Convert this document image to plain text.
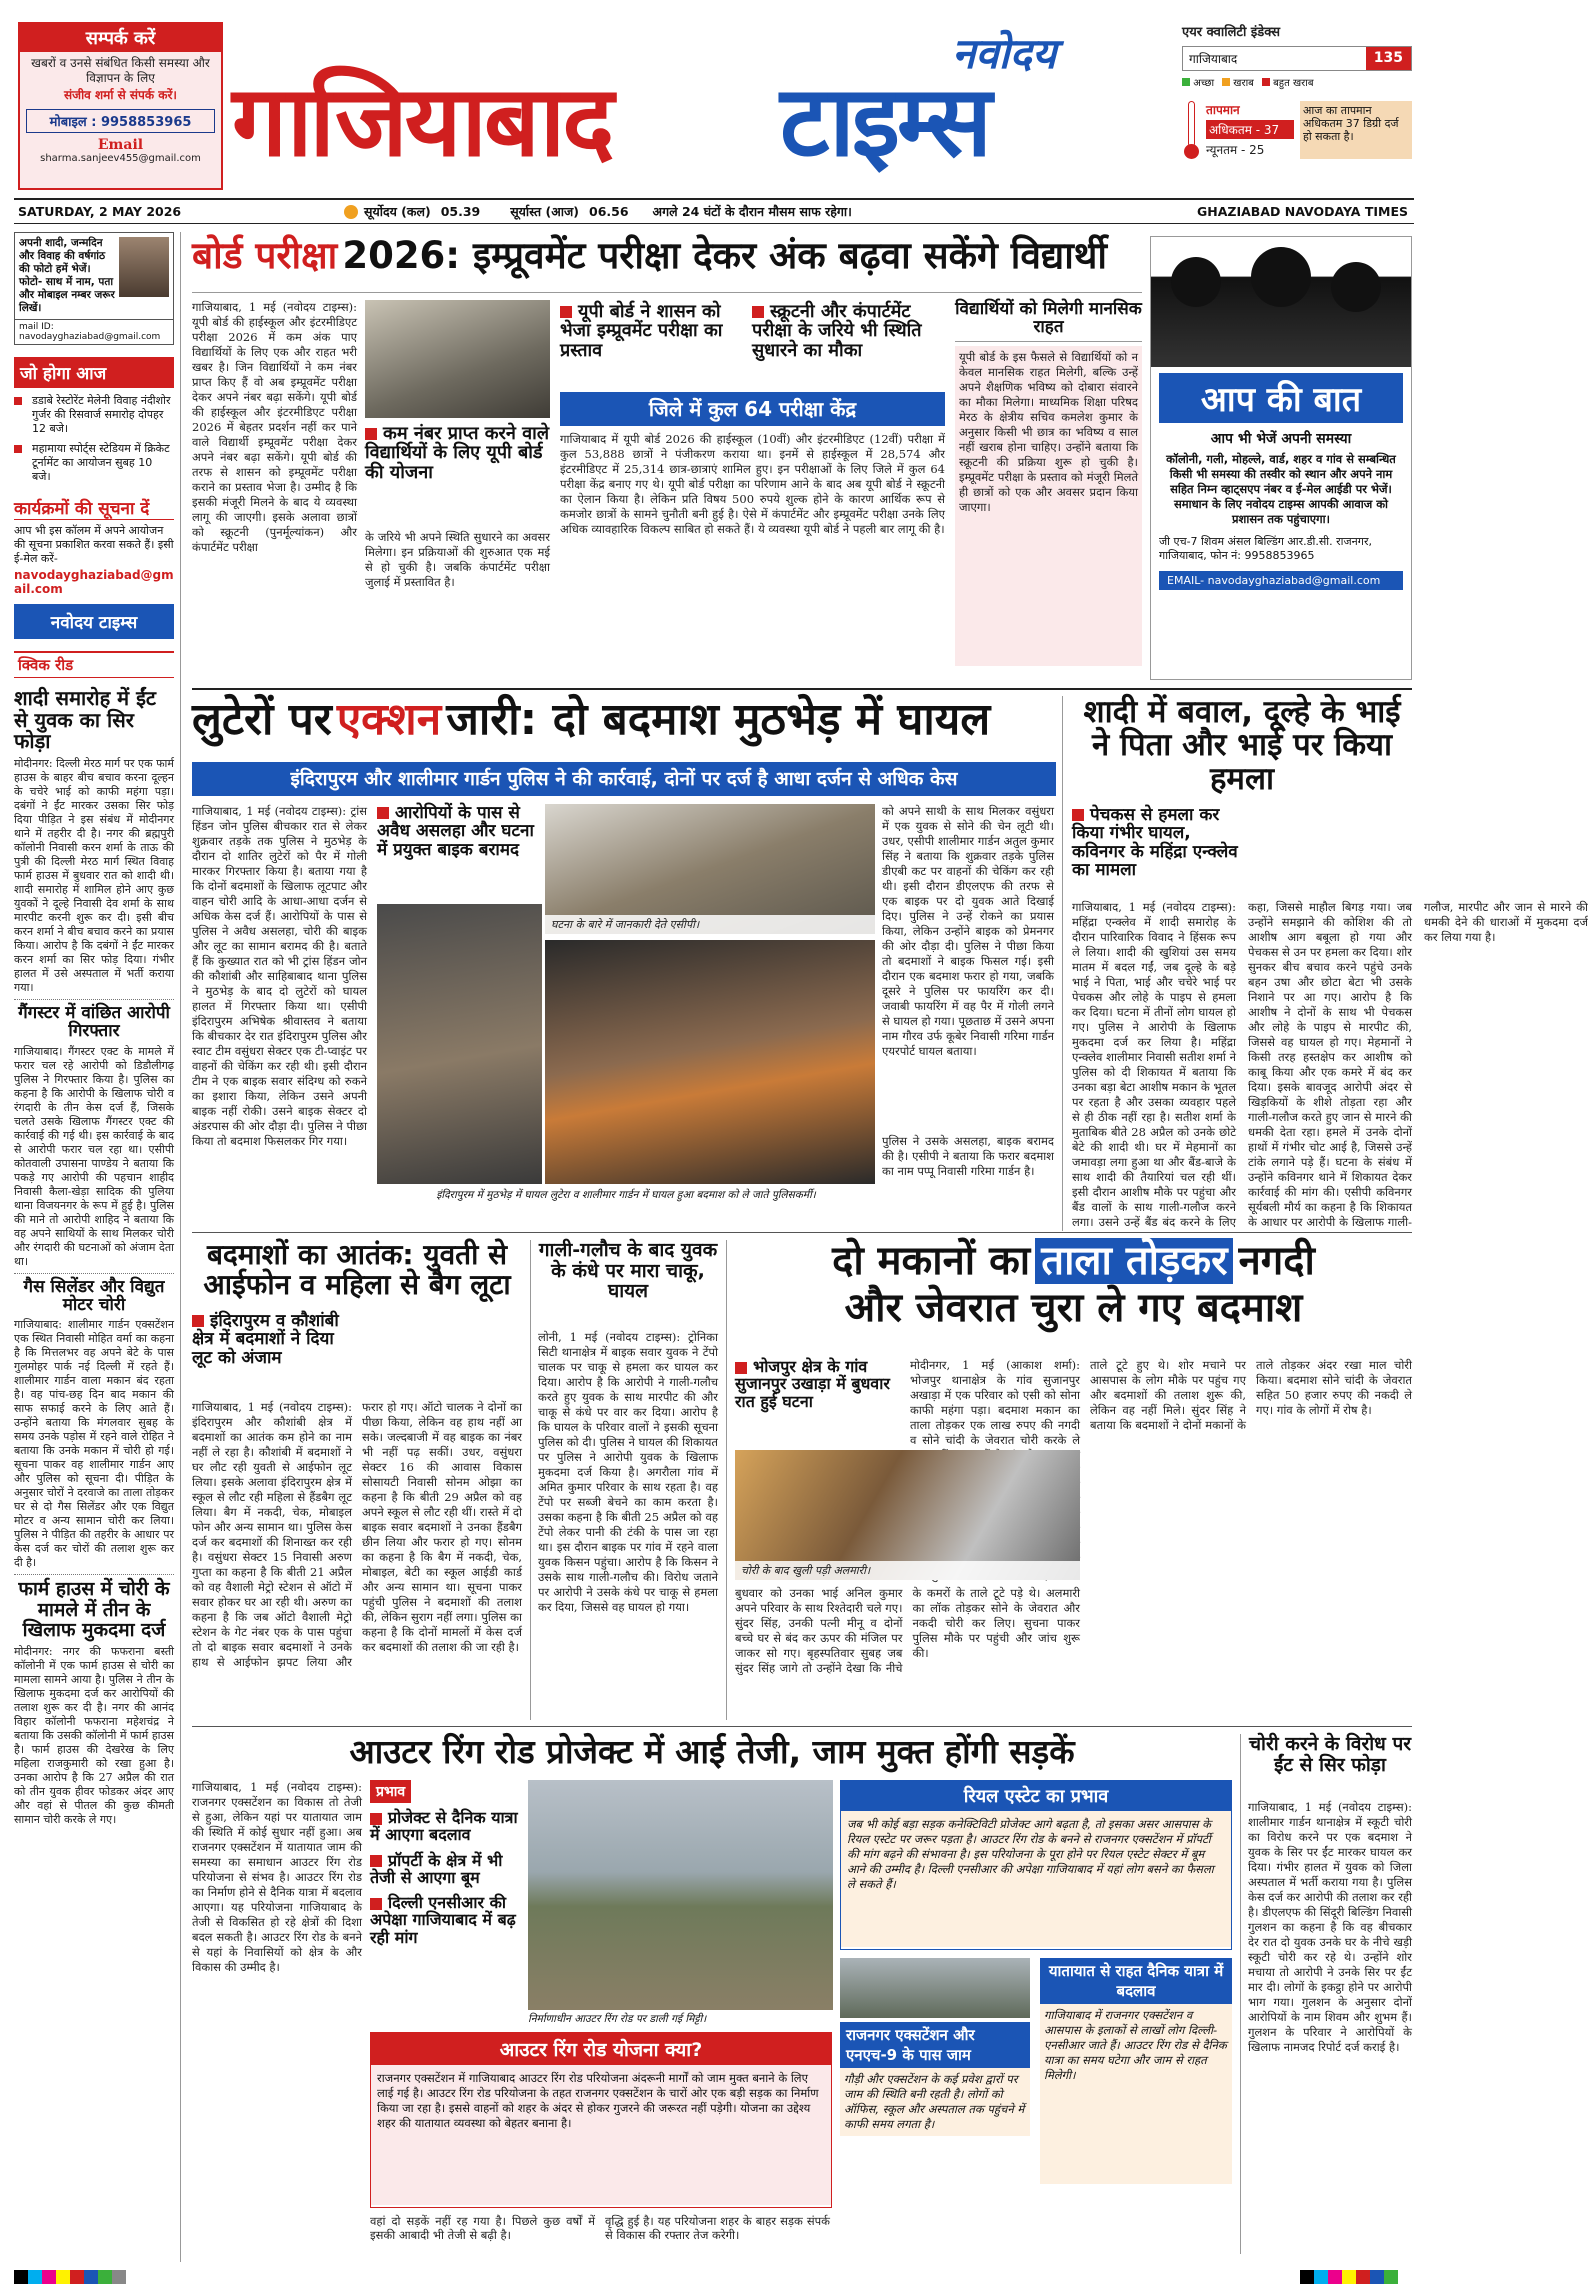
सम्पर्क करें
खबरों व उनसे संबंधित किसी समस्या और विज्ञापन के लिए
संजीव शर्मा से संपर्क करें।
मोबाइल : 9958853965
Email
sharma.sanjeev455@gmail.com
नवोदय
गाजियाबाद टाइम्स
एयर क्वालिटी इंडेक्स
गाजियाबाद	135
अच्छा	खराब	बहुत खराब
तापमान
अधिकतम - 37
न्यूनतम - 25
आज का तापमान अधिकतम 37 डिग्री दर्ज हो सकता है।
SATURDAY, 2 MAY 2026	सूर्योदय (कल) 05.39 सूर्यास्त (आज) 06.56 अगले 24 घंटों के दौरान मौसम साफ रहेगा।	GHAZIABAD NAVODAYA TIMES
अपनी शादी, जन्मदिन और विवाह की वर्षगांठ की फोटो हमें भेजें। फोटो- साथ में नाम, पता और मोबाइल नम्बर जरूर लिखें।
mail ID: navodayghaziabad@gmail.com
जो होगा आज
डडाबे रेस्टोरेंट मेलेनी विवाह नंदीशोर गुर्जर की रिसवार्ज समारोह दोपहर 12 बजे।
महामाया स्पोर्ट्स स्टेडियम में क्रिकेट टूर्नामेंट का आयोजन सुबह 10 बजे।
कार्यक्रमों की सूचना दें
आप भी इस कॉलम में अपने आयोजन की सूचना प्रकाशित करवा सकते हैं। इसी ई-मेल करें-
navodayghaziabad@gmail.com
नवोदय टाइम्स
क्विक रीड
शादी समारोह में ईंट से युवक का सिर फोड़ा
मोदीनगर: दिल्ली मेरठ मार्ग पर एक फार्म हाउस के बाहर बीच बचाव करना दूल्हन के चचेरे भाई को काफी महंगा पड़ा। दबंगों ने ईंट मारकर उसका सिर फोड़ दिया पीड़ित ने इस संबंध में मोदीनगर थाने में तहरीर दी है। नगर की ब्रह्मपुरी कॉलोनी निवासी करन शर्मा के ताऊ की पुत्री की दिल्ली मेरठ मार्ग स्थित विवाह फार्म हाउस में बुधवार रात को शादी थी। शादी समारोह में शामिल होने आए कुछ युवकों ने दूल्हे निवासी देव शर्मा के साथ मारपीट करनी शुरू कर दी। इसी बीच करन शर्मा ने बीच बचाव करने का प्रयास किया। आरोप है कि दबंगों ने ईंट मारकर करन शर्मा का सिर फोड़ दिया। गंभीर हालत में उसे अस्पताल में भर्ती कराया गया।
गैंगस्टर में वांछित आरोपी गिरफ्तार
गाजियाबाद। गैंगस्टर एक्ट के मामले में फरार चल रहे आरोपी को डिडौलीगढ़ पुलिस ने गिरफ्तार किया है। पुलिस का कहना है कि आरोपी के खिलाफ चोरी व रंगदारी के तीन केस दर्ज हैं, जिसके चलते उसके खिलाफ गैंगस्टर एक्ट की कार्रवाई की गई थी। इस कार्रवाई के बाद से आरोपी फरार चल रहा था। एसीपी कोतवाली उपासना पाण्डेय ने बताया कि पकड़े गए आरोपी की पहचान शाहीद निवासी कैला-खेड़ा सादिक की पुलिया थाना विजयनगर के रूप में हुई है। पुलिस की माने तो आरोपी शाहिद ने बताया कि वह अपने साथियों के साथ मिलकर चोरी और रंगदारी की घटनाओं को अंजाम देता था।
गैस सिलेंडर और विद्युत मोटर चोरी
गाजियाबाद: शालीमार गार्डन एक्सटेंशन एक स्थित निवासी मोहित वर्मा का कहना है कि मित्तलभर वह अपने बेटे के पास गुलमोहर पार्क नई दिल्ली में रहते हैं। शालीमार गार्डन वाला मकान बंद रहता है। वह पांच-छह दिन बाद मकान की साफ सफाई करने के लिए आते हैं। उन्होंने बताया कि मंगलवार सुबह के समय उनके पड़ोस में रहने वाले रोहित ने बताया कि उनके मकान में चोरी हो गई। सूचना पाकर वह शालीमार गार्डन आए और पुलिस को सूचना दी। पीड़ित के अनुसार चोरों ने दरवाजे का ताला तोड़कर घर से दो गैस सिलेंडर और एक विद्युत मोटर व अन्य सामान चोरी कर लिया। पुलिस ने पीड़ित की तहरीर के आधार पर केस दर्ज कर चोरों की तलाश शुरू कर दी है।
फार्म हाउस में चोरी के मामले में तीन के खिलाफ मुकदमा दर्ज
मोदीनगर: नगर की फफराना बस्ती कॉलोनी में एक फार्म हाउस से चोरी का मामला सामने आया है। पुलिस ने तीन के खिलाफ मुकदमा दर्ज कर आरोपियों की तलाश शुरू कर दी है। नगर की आनंद विहार कॉलोनी फफराना महेशचंद्र ने बताया कि उसकी कॉलोनी में फार्म हाउस है। फार्म हाउस की देखरेख के लिए महिला राजकुमारी को रखा हुआ है। उनका आरोप है कि 27 अप्रैल की रात को तीन युवक हीवर फोडकर अंदर आए और वहां से पीतल की कुछ कीमती सामान चोरी करके ले गए।
बोर्ड परीक्षा 2026: इम्प्रूवमेंट परीक्षा देकर अंक बढ़वा सकेंगे विद्यार्थी
गाजियाबाद, 1 मई (नवोदय टाइम्स): यूपी बोर्ड की हाईस्कूल और इंटरमीडिएट परीक्षा 2026 में कम अंक पाए विद्यार्थियों के लिए एक और राहत भरी खबर है। जिन विद्यार्थियों ने कम नंबर प्राप्त किए हैं वो अब इम्प्रूवमेंट परीक्षा देकर अपने नंबर बढ़ा सकेंगे। यूपी बोर्ड की हाईस्कूल और इंटरमीडिएट परीक्षा 2026 में बेहतर प्रदर्शन नहीं कर पाने वाले विद्यार्थी इम्प्रूवमेंट परीक्षा देकर अपने नंबर बढ़ा सकेंगे। यूपी बोर्ड की तरफ से शासन को इम्प्रूवमेंट परीक्षा कराने का प्रस्ताव भेजा है। उम्मीद है कि इसकी मंजूरी मिलने के बाद ये व्यवस्था लागू की जाएगी। इसके अलावा छात्रों को स्क्रूटनी (पुनर्मूल्यांकन) और कंपार्टमेंट परीक्षा
कम नंबर प्राप्त करने वाले विद्यार्थियों के लिए यूपी बोर्ड की योजना
के जरिये भी अपने स्थिति सुधारने का अवसर मिलेगा। इन प्रक्रियाओं की शुरुआत एक मई से हो चुकी है। जबकि कंपार्टमेंट परीक्षा जुलाई में प्रस्तावित है।
यूपी बोर्ड ने शासन को भेजा इम्प्रूवमेंट परीक्षा का प्रस्ताव
स्क्रूटनी और कंपार्टमेंट परीक्षा के जरिये भी स्थिति सुधारने का मौका
जिले में कुल 64 परीक्षा केंद्र
गाजियाबाद में यूपी बोर्ड 2026 की हाईस्कूल (10वीं) और इंटरमीडिएट (12वीं) परीक्षा में कुल 53,888 छात्रों ने पंजीकरण कराया था। इनमें से हाईस्कूल में 28,574 और इंटरमीडिएट में 25,314 छात्र-छात्राएं शामिल हुए। इन परीक्षाओं के लिए जिले में कुल 64 परीक्षा केंद्र बनाए गए थे। यूपी बोर्ड परीक्षा का परिणाम आने के बाद अब यूपी बोर्ड ने स्क्रूटनी का ऐलान किया है। लेकिन प्रति विषय 500 रुपये शुल्क होने के कारण आर्थिक रूप से कमजोर छात्रों के सामने चुनौती बनी हुई है। ऐसे में कंपार्टमेंट और इम्प्रूवमेंट परीक्षा उनके लिए अधिक व्यावहारिक विकल्प साबित हो सकते हैं। ये व्यवस्था यूपी बोर्ड ने पहली बार लागू की है।
विद्यार्थियों को मिलेगी मानसिक राहत
यूपी बोर्ड के इस फैसले से विद्यार्थियों को न केवल मानसिक राहत मिलेगी, बल्कि उन्हें अपने शैक्षणिक भविष्य को दोबारा संवारने का मौका मिलेगा। माध्यमिक शिक्षा परिषद मेरठ के क्षेत्रीय सचिव कमलेश कुमार के अनुसार किसी भी छात्र का भविष्य व साल नहीं खराब होना चाहिए। उन्होंने बताया कि स्क्रूटनी की प्रक्रिया शुरू हो चुकी है। इम्प्रूवमेंट परीक्षा के प्रस्ताव को मंजूरी मिलते ही छात्रों को एक और अवसर प्रदान किया जाएगा।
आप की बात
आप भी भेजें अपनी समस्या
कॉलोनी, गली, मोहल्ले, वार्ड, शहर व गांव से सम्बन्धित किसी भी समस्या की तस्वीर को स्थान और अपने नाम सहित निम्न व्हाट्सएप नंबर व ई-मेल आईडी पर भेजें। समाधान के लिए नवोदय टाइम्स आपकी आवाज को प्रशासन तक पहुंचाएगा।
जी एच-7 शिवम अंसल बिल्डिंग आर.डी.सी. राजनगर, गाजियाबाद, फोन नं: 9958853965
EMAIL- navodayghaziabad@gmail.com
लुटेरों पर एक्शन जारी: दो बदमाश मुठभेड़ में घायल
इंदिरापुरम और शालीमार गार्डन पुलिस ने की कार्रवाई, दोनों पर दर्ज है आधा दर्जन से अधिक केस
गाजियाबाद, 1 मई (नवोदय टाइम्स): ट्रांस हिंडन जोन पुलिस बीचकार रात से लेकर शुक्रवार तड़के तक पुलिस ने मुठभेड़ के दौरान दो शातिर लुटेरों को पैर में गोली मारकर गिरफ्तार किया है। बताया गया है कि दोनों बदमाशों के खिलाफ लूटपाट और वाहन चोरी आदि के आधा-आधा दर्जन से अधिक केस दर्ज हैं। आरोपियों के पास से पुलिस ने अवैध असलहा, चोरी की बाइक और लूट का सामान बरामद की है। बताते हैं कि कुख्यात रात को भी ट्रांस हिंडन जोन की कौशांबी और साहिबाबाद थाना पुलिस ने मुठभेड़ के बाद दो लुटेरों को घायल हालत में गिरफ्तार किया था। एसीपी इंदिरापुरम अभिषेक श्रीवास्तव ने बताया कि बीचकार देर रात इंदिरापुरम पुलिस और स्वाट टीम वसुंधरा सेक्टर एक टी-प्वाइंट पर वाहनों की चेकिंग कर रही थी। इसी दौरान टीम ने एक बाइक सवार संदिग्ध को रुकने का इशारा किया, लेकिन उसने अपनी बाइक नहीं रोकी। उसने बाइक सेक्टर दो अंडरपास की ओर दौड़ा दी। पुलिस ने पीछा किया तो बदमाश फिसलकर गिर गया।
आरोपियों के पास से अवैध असलहा और घटना में प्रयुक्त बाइक बरामद
घटना के बारे में जानकारी देते एसीपी।
इंदिरापुरम में मुठभेड़ में घायल लुटेरा व शालीमार गार्डन में घायल हुआ बदमाश को ले जाते पुलिसकर्मी।
को अपने साथी के साथ मिलकर वसुंधरा में एक युवक से सोने की चेन लूटी थी। उधर, एसीपी शालीमार गार्डन अतुल कुमार सिंह ने बताया कि शुक्रवार तड़के पुलिस डीएबी कट पर वाहनों की चेकिंग कर रही थी। इसी दौरान डीएलएफ की तरफ से एक बाइक पर दो युवक आते दिखाई दिए। पुलिस ने उन्हें रोकने का प्रयास किया, लेकिन उन्होंने बाइक को प्रेमनगर की ओर दौड़ा दी। पुलिस ने पीछा किया तो बदमाशों ने बाइक फिसल गई। इसी दौरान एक बदमाश फरार हो गया, जबकि दूसरे ने पुलिस पर फायरिंग कर दी। जवाबी फायरिंग में वह पैर में गोली लगने से घायल हो गया। पूछताछ में उसने अपना नाम गौरव उर्फ कूबेर निवासी गरिमा गार्डन एयरपोर्ट घायल बताया।
पुलिस ने उसके असलहा, बाइक बरामद की है। एसीपी ने बताया कि फरार बदमाश का नाम पप्पू निवासी गरिमा गार्डन है।
शादी में बवाल, दूल्हे के भाई ने पिता और भाई पर किया हमला
पेचकस से हमला कर किया गंभीर घायल, कविनगर के महिंद्रा एन्क्लेव का मामला
गाजियाबाद, 1 मई (नवोदय टाइम्स): महिंद्रा एन्क्लेव में शादी समारोह के दौरान पारिवारिक विवाद ने हिंसक रूप ले लिया। शादी की खुशियां उस समय मातम में बदल गईं, जब दूल्हे के बड़े भाई ने पिता, भाई और चचेरे भाई पर पेचकस और लोहे के पाइप से हमला कर दिया। घटना में तीनों लोग घायल हो गए। पुलिस ने आरोपी के खिलाफ मुकदमा दर्ज कर लिया है। महिंद्रा एन्क्लेव शालीमार निवासी सतीश शर्मा ने पुलिस को दी शिकायत में बताया कि उनका बड़ा बेटा आशीष मकान के भूतल पर रहता है और उसका व्यवहार पहले से ही ठीक नहीं रहा है। सतीश शर्मा के मुताबिक बीते 28 अप्रैल को उनके छोटे बेटे की शादी थी। घर में मेहमानों का जमावड़ा लगा हुआ था और बैंड-बाजे के साथ शादी की तैयारियां चल रही थीं। इसी दौरान आशीष मौके पर पहुंचा और बैंड वालों के साथ गाली-गलौज करने लगा। उसने उन्हें बैंड बंद करने के लिए कहा, जिससे माहौल बिगड़ गया। जब उन्होंने समझाने की कोशिश की तो आशीष आग बबूला हो गया और पेचकस से उन पर हमला कर दिया। शोर सुनकर बीच बचाव करने पहुंचे उनके बहन उषा और छोटा बेटा भी उसके निशाने पर आ गए। आरोप है कि आशीष ने दोनों के साथ भी पेचकस और लोहे के पाइप से मारपीट की, जिससे वह घायल हो गए। मेहमानों ने किसी तरह हस्तक्षेप कर आशीष को काबू किया और एक कमरे में बंद कर दिया। इसके बावजूद आरोपी अंदर से खिड़कियों के शीशे तोड़ता रहा और गाली-गलौज करते हुए जान से मारने की धमकी देता रहा। हमले में उनके दोनों हाथों में गंभीर चोट आई है, जिससे उन्हें टांके लगाने पड़े हैं। घटना के संबंध में उन्होंने कविनगर थाने में शिकायत देकर कार्रवाई की मांग की। एसीपी कविनगर सूर्यबली मौर्य का कहना है कि शिकायत के आधार पर आरोपी के खिलाफ गाली-गलौज, मारपीट और जान से मारने की धमकी देने की धाराओं में मुकदमा दर्ज कर लिया गया है।
बदमाशों का आतंक: युवती से आईफोन व महिला से बैग लूटा
इंदिरापुरम व कौशांबी क्षेत्र में बदमाशों ने दिया लूट को अंजाम
गाजियाबाद, 1 मई (नवोदय टाइम्स): इंदिरापुरम और कौशांबी क्षेत्र में बदमाशों का आतंक कम होने का नाम नहीं ले रहा है। कौशांबी में बदमाशों ने घर लौट रही युवती से आईफोन लूट लिया। इसके अलावा इंदिरापुरम क्षेत्र में स्कूल से लौट रही महिला से हैंडबैग लूट लिया। बैग में नकदी, चेक, मोबाइल फोन और अन्य सामान था। पुलिस केस दर्ज कर बदमाशों की शिनाख्त कर रही है। वसुंधरा सेक्टर 15 निवासी अरुण गुप्ता का कहना है कि बीती 21 अप्रैल को वह वैशाली मेट्रो स्टेशन से ऑटो में सवार होकर घर आ रही थी। अरुण का कहना है कि जब ऑटो वैशाली मेट्रो स्टेशन के गेट नंबर एक के पास पहुंचा तो दो बाइक सवार बदमाशों ने उनके हाथ से आईफोन झपट लिया और फरार हो गए। ऑटो चालक ने दोनों का पीछा किया, लेकिन वह हाथ नहीं आ सके। जल्दबाजी में वह बाइक का नंबर भी नहीं पढ़ सकीं। उधर, वसुंधरा सेक्टर 16 की आवास विकास सोसायटी निवासी सोनम ओझा का कहना है कि बीती 29 अप्रैल को वह अपने स्कूल से लौट रही थीं। रास्ते में दो बाइक सवार बदमाशों ने उनका हैंडबैग छीन लिया और फरार हो गए। सोनम का कहना है कि बैग में नकदी, चेक, मोबाइल, बेटी का स्कूल आईडी कार्ड और अन्य सामान था। सूचना पाकर पहुंची पुलिस ने बदमाशों की तलाश की, लेकिन सुराग नहीं लगा। पुलिस का कहना है कि दोनों मामलों में केस दर्ज कर बदमाशों की तलाश की जा रही है।
गाली-गलौच के बाद युवक के कंधे पर मारा चाकू, घायल
लोनी, 1 मई (नवोदय टाइम्स): ट्रोनिका सिटी थानाक्षेत्र में बाइक सवार युवक ने टेंपो चालक पर चाकू से हमला कर घायल कर दिया। आरोप है कि आरोपी ने गाली-गलौच करते हुए युवक के साथ मारपीट की और चाकू से कंधे पर वार कर दिया। आरोप है कि घायल के परिवार वालों ने इसकी सूचना पुलिस को दी। पुलिस ने घायल की शिकायत पर पुलिस ने आरोपी युवक के खिलाफ मुकदमा दर्ज किया है। अगरौला गांव में अमित कुमार परिवार के साथ रहता है। वह टेंपो पर सब्जी बेचने का काम करता है। उसका कहना है कि बीती 25 अप्रैल को वह टेंपो लेकर पानी की टंकी के पास जा रहा था। इस दौरान बाइक पर गांव में रहने वाला युवक किसन पहुंचा। आरोप है कि किसन ने उसके साथ गाली-गलौच की। विरोध जताने पर आरोपी ने उसके कंधे पर चाकू से हमला कर दिया, जिससे वह घायल हो गया।
दो मकानों का ताला तोड़कर नगदी
और जेवरात चुरा ले गए बदमाश
भोजपुर क्षेत्र के गांव सुजानपुर उखाड़ा में बुधवार रात हुई घटना
मोदीनगर, 1 मई (आकाश शर्मा): भोजपुर थानाक्षेत्र के गांव सुजानपुर अखाड़ा में एक परिवार को एसी को सोना काफी महंगा पड़ा। बदमाश मकान का ताला तोड़कर एक लाख रुपए की नगदी व सोने चांदी के जेवरात चोरी करके ले
चोरी के बाद खुली पड़ी अलमारी।
बुधवार को उनका भाई अनिल कुमार अपने परिवार के साथ रिश्तेदारी चले गए। सुंदर सिंह, उनकी पत्नी मीनू व दोनों बच्चे घर से बंद कर ऊपर की मंजिल पर जाकर सो गए। बृहस्पतिवार सुबह जब सुंदर सिंह जागे तो उन्होंने देखा कि नीचे के कमरों के ताले टूटे पड़े थे। अलमारी का लॉक तोड़कर सोने के जेवरात और नकदी चोरी कर लिए। सुचना पाकर पुलिस मौके पर पहुंची और जांच शुरू की।
ताले टूटे हुए थे। शोर मचाने पर आसपास के लोग मौके पर पहुंच गए और बदमाशों की तलाश शुरू की, लेकिन वह नहीं मिले। सुंदर सिंह ने बताया कि बदमाशों ने दोनों मकानों के ताले तोड़कर अंदर रखा माल चोरी किया। बदमाश सोने चांदी के जेवरात सहित 50 हजार रुपए की नकदी ले गए। गांव के लोगों में रोष है।
आउटर रिंग रोड प्रोजेक्ट में आई तेजी, जाम मुक्त होंगी सड़कें
गाजियाबाद, 1 मई (नवोदय टाइम्स): राजनगर एक्सटेंशन का विकास तो तेजी से हुआ, लेकिन यहां पर यातायात जाम की स्थिति में कोई सुधार नहीं हुआ। अब राजनगर एक्सटेंशन में यातायात जाम की समस्या का समाधान आउटर रिंग रोड परियोजना से संभव है। आउटर रिंग रोड का निर्माण होने से दैनिक यात्रा में बदलाव आएगा। यह परियोजना गाजियाबाद के तेजी से विकसित हो रहे क्षेत्रों की दिशा बदल सकती है। आउटर रिंग रोड के बनने से यहां के निवासियों को क्षेत्र के और विकास की उम्मीद है।
प्रभाव
प्रोजेक्ट से दैनिक यात्रा में आएगा बदलाव
प्रॉपर्टी के क्षेत्र में भी तेजी से आएगा बूम
दिल्ली एनसीआर की अपेक्षा गाजियाबाद में बढ़ रही मांग
निर्माणाधीन आउटर रिंग रोड पर डाली गई मिट्टी।
रियल एस्टेट का प्रभाव
जब भी कोई बड़ा सड़क कनेक्टिविटी प्रोजेक्ट आगे बढ़ता है, तो इसका असर आसपास के रियल एस्टेट पर जरूर पड़ता है। आउटर रिंग रोड के बनने से राजनगर एक्सटेंशन में प्रॉपर्टी की मांग बढ़ने की संभावना है। इस परियोजना के पूरा होने पर रियल एस्टेट सेक्टर में बूम आने की उम्मीद है। दिल्ली एनसीआर की अपेक्षा गाजियाबाद में यहां लोग बसने का फैसला ले सकते हैं।
राजनगर एक्सटेंशन और एनएच-9 के पास जाम
गौड़ी और एक्सटेंशन के कई प्रवेश द्वारों पर जाम की स्थिति बनी रहती है। लोगों को ऑफिस, स्कूल और अस्पताल तक पहुंचने में काफी समय लगता है।
यातायात से राहत दैनिक यात्रा में बदलाव
गाजियाबाद में राजनगर एक्सटेंशन व आसपास के इलाकों से लाखों लोग दिल्ली-एनसीआर जाते हैं। आउटर रिंग रोड से दैनिक यात्रा का समय घटेगा और जाम से राहत मिलेगी।
आउटर रिंग रोड योजना क्या?
राजनगर एक्सटेंशन में गाजियाबाद आउटर रिंग रोड परियोजना अंदरूनी मार्गों को जाम मुक्त बनाने के लिए लाई गई है। आउटर रिंग रोड परियोजना के तहत राजनगर एक्सटेंशन के चारों ओर एक बड़ी सड़क का निर्माण किया जा रहा है। इससे वाहनों को शहर के अंदर से होकर गुजरने की जरूरत नहीं पड़ेगी। योजना का उद्देश्य शहर की यातायात व्यवस्था को बेहतर बनाना है।
वहां दो सड़कें नहीं रह गया है। पिछले कुछ वर्षों में इसकी आबादी भी तेजी से बढ़ी है।
वृद्धि हुई है। यह परियोजना शहर के बाहर सड़क संपर्क से विकास की रफ्तार तेज करेगी।
चोरी करने के विरोध पर ईंट से सिर फोड़ा
गाजियाबाद, 1 मई (नवोदय टाइम्स): शालीमार गार्डन थानाक्षेत्र में स्कूटी चोरी का विरोध करने पर एक बदमाश ने युवक के सिर पर ईंट मारकर घायल कर दिया। गंभीर हालत में युवक को जिला अस्पताल में भर्ती कराया गया है। पुलिस केस दर्ज कर आरोपी की तलाश कर रही है। डीएलएफ की सिंदूरी बिल्डिंग निवासी गुलशन का कहना है कि वह बीचकार देर रात दो युवक उनके घर के नीचे खड़ी स्कूटी चोरी कर रहे थे। उन्होंने शोर मचाया तो आरोपी ने उनके सिर पर ईंट मार दी। लोगों के इकट्ठा होने पर आरोपी भाग गया। गुलशन के अनुसार दोनों आरोपियों के नाम शिवम और शुभम हैं। गुलशन के परिवार ने आरोपियों के खिलाफ नामजद रिपोर्ट दर्ज कराई है।
